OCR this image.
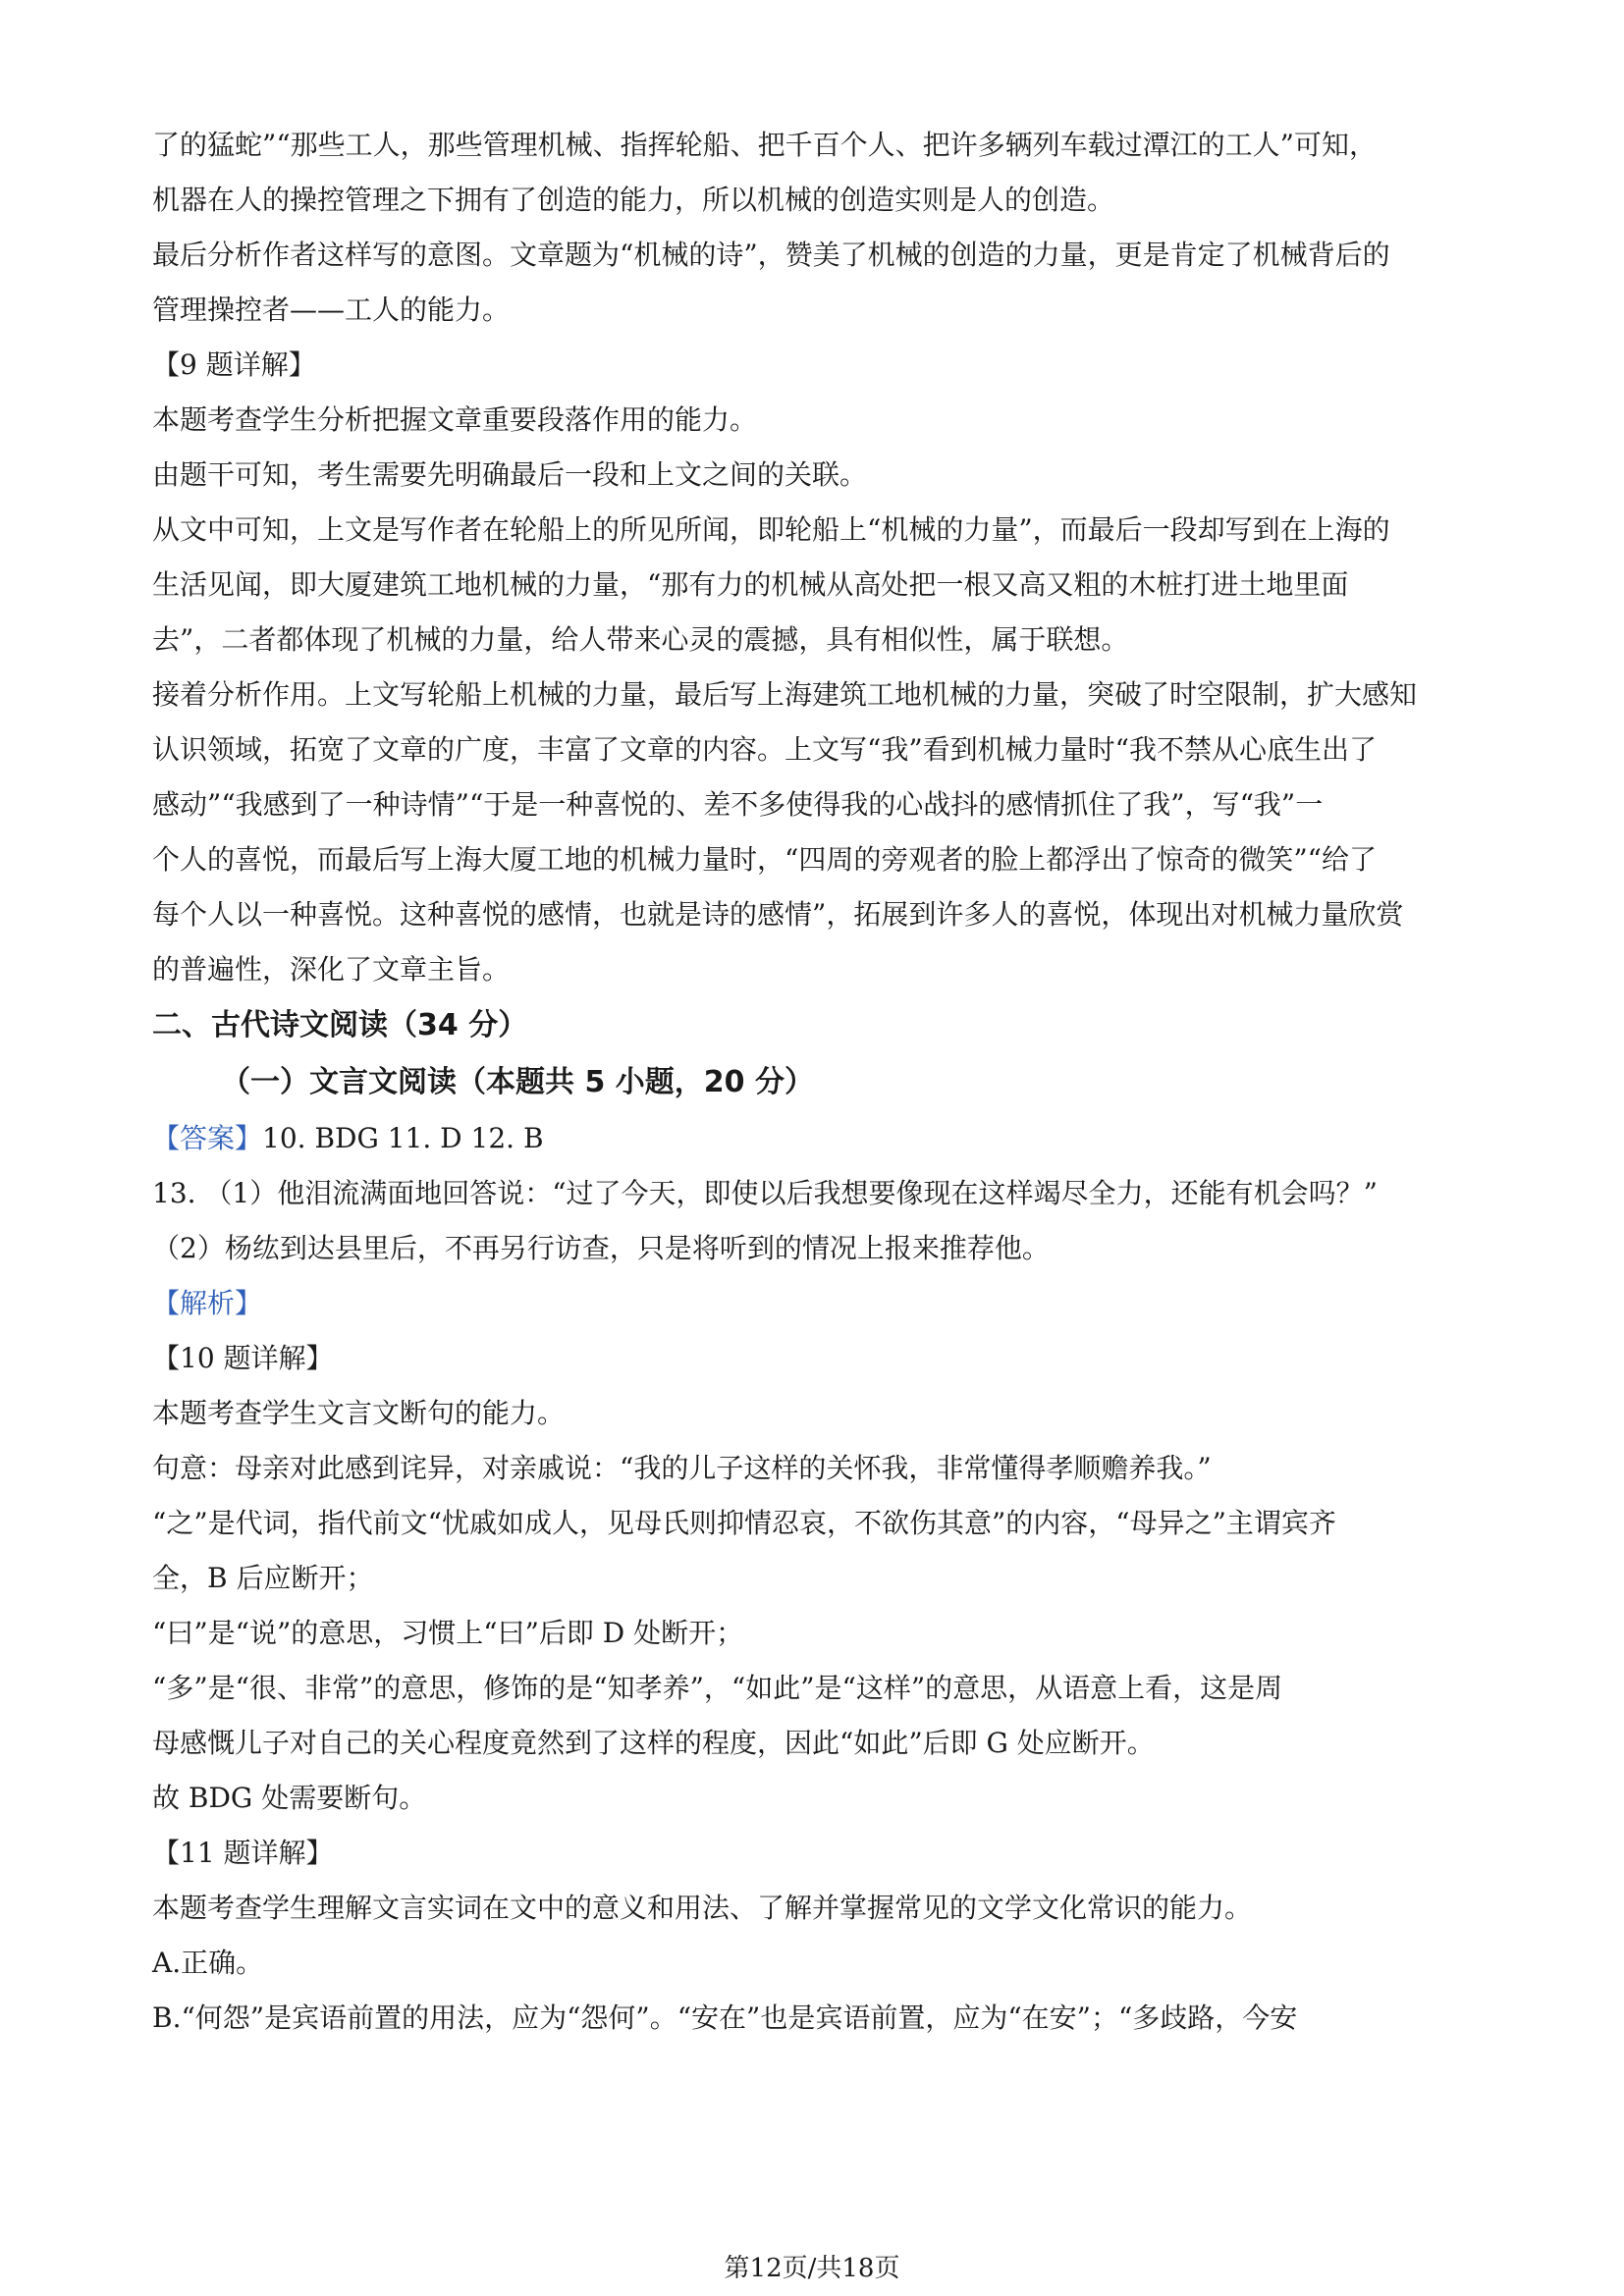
了的猛蛇”“那些工人，那些管理机械、指挥轮船、把千百个人、把许多辆列车载过潭江的工人”可知，
机器在人的操控管理之下拥有了创造的能力，所以机械的创造实则是人的创造。
最后分析作者这样写的意图。文章题为“机械的诗”，赞美了机械的创造的力量，更是肯定了机械背后的
管理操控者——工人的能力。
【9 题详解】
本题考查学生分析把握文章重要段落作用的能力。
由题干可知，考生需要先明确最后一段和上文之间的关联。
从文中可知，上文是写作者在轮船上的所见所闻，即轮船上“机械的力量”，而最后一段却写到在上海的
生活见闻，即大厦建筑工地机械的力量，“那有力的机械从高处把一根又高又粗的木桩打进土地里面
去”，二者都体现了机械的力量，给人带来心灵的震撼，具有相似性，属于联想。
接着分析作用。上文写轮船上机械的力量，最后写上海建筑工地机械的力量，突破了时空限制，扩大感知
认识领域，拓宽了文章的广度，丰富了文章的内容。上文写“我”看到机械力量时“我不禁从心底生出了
感动”“我感到了一种诗情”“于是一种喜悦的、差不多使得我的心战抖的感情抓住了我”，写“我”一
个人的喜悦，而最后写上海大厦工地的机械力量时，“四周的旁观者的脸上都浮出了惊奇的微笑”“给了
每个人以一种喜悦。这种喜悦的感情，也就是诗的感情”，拓展到许多人的喜悦，体现出对机械力量欣赏
的普遍性，深化了文章主旨。
二、古代诗文阅读（34 分）
（一）文言文阅读（本题共 5 小题，20 分）
【答案】10. BDG 11. D 12. B
13. （1）他泪流满面地回答说：“过了今天，即使以后我想要像现在这样竭尽全力，还能有机会吗？”
（2）杨纮到达县里后，不再另行访查，只是将听到的情况上报来推荐他。
【解析】
【10 题详解】
本题考查学生文言文断句的能力。
句意：母亲对此感到诧异，对亲戚说：“我的儿子这样的关怀我，非常懂得孝顺赡养我。”
“之”是代词，指代前文“忧戚如成人，见母氏则抑情忍哀，不欲伤其意”的内容，“母异之”主谓宾齐
全，B 后应断开；
“曰”是“说”的意思，习惯上“曰”后即 D 处断开；
“多”是“很、非常”的意思，修饰的是“知孝养”，“如此”是“这样”的意思，从语意上看，这是周
母感慨儿子对自己的关心程度竟然到了这样的程度，因此“如此”后即 G 处应断开。
故 BDG 处需要断句。
【11 题详解】
本题考查学生理解文言实词在文中的意义和用法、了解并掌握常见的文学文化常识的能力。
A.正确。
B.“何怨”是宾语前置的用法，应为“怨何”。“安在”也是宾语前置，应为“在安”；“多歧路，今安
第12页/共18页
